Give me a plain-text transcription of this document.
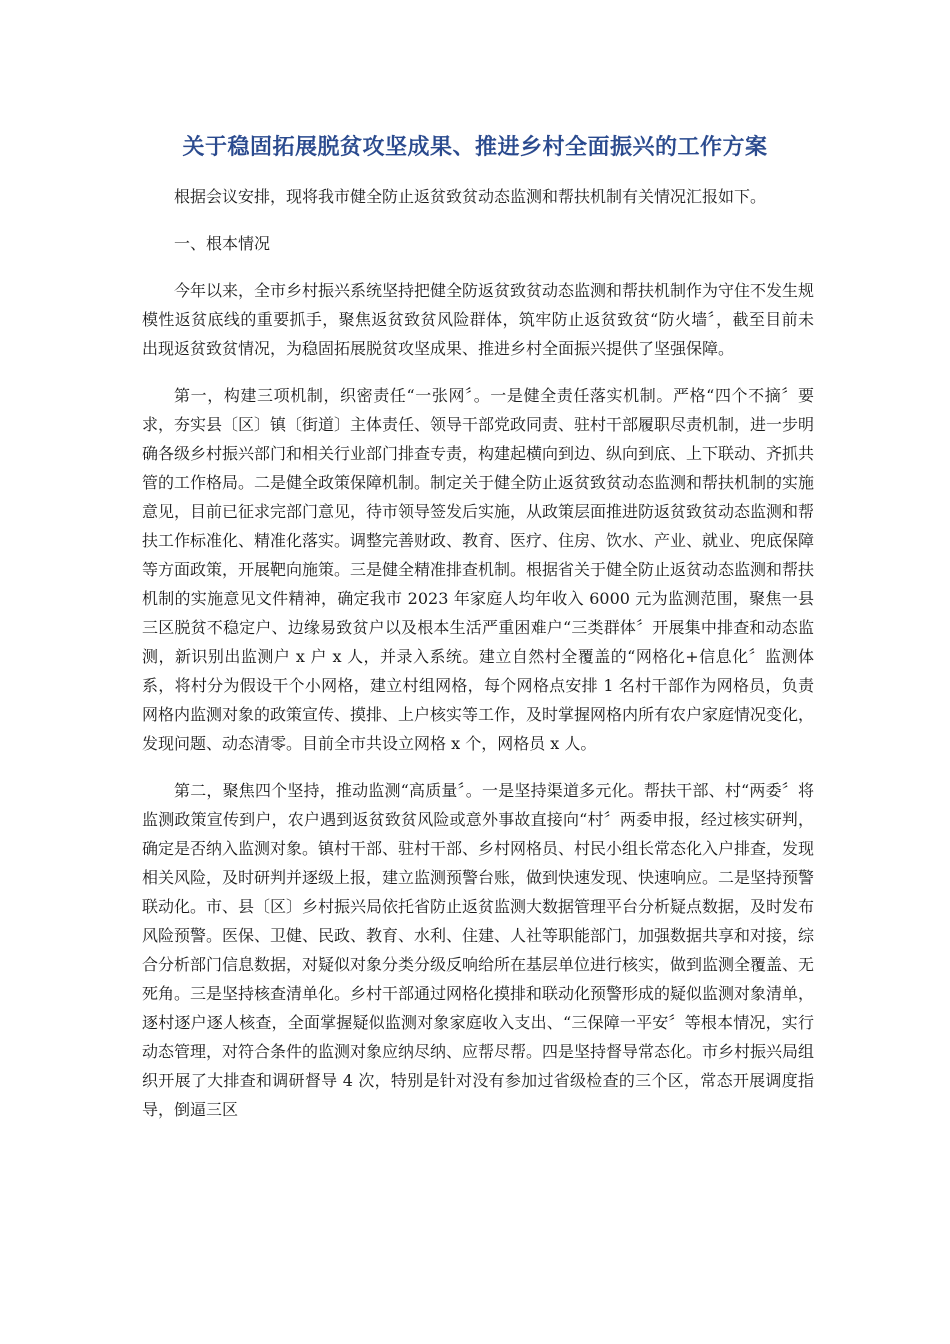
关于稳固拓展脱贫攻坚成果、推进乡村全面振兴的工作方案

根据会议安排，现将我市健全防止返贫致贫动态监测和帮扶机制有关情况汇报如下。

一、根本情况

今年以来，全市乡村振兴系统坚持把健全防返贫致贫动态监测和帮扶机制作为守住不发生规模性返贫底线的重要抓手，聚焦返贫致贫风险群体，筑牢防止返贫致贫“防火墙〞，截至目前未出现返贫致贫情况，为稳固拓展脱贫攻坚成果、推进乡村全面振兴提供了坚强保障。

第一，构建三项机制，织密责任“一张网〞。一是健全责任落实机制。严格“四个不摘〞要求，夯实县〔区〕镇〔街道〕主体责任、领导干部党政同责、驻村干部履职尽责机制，进一步明确各级乡村振兴部门和相关行业部门排查专责，构建起横向到边、纵向到底、上下联动、齐抓共管的工作格局。二是健全政策保障机制。制定关于健全防止返贫致贫动态监测和帮扶机制的实施意见，目前已征求完部门意见，待市领导签发后实施，从政策层面推进防返贫致贫动态监测和帮扶工作标准化、精准化落实。调整完善财政、教育、医疗、住房、饮水、产业、就业、兜底保障等方面政策，开展靶向施策。三是健全精准排查机制。根据省关于健全防止返贫动态监测和帮扶机制的实施意见文件精神，确定我市 2023 年家庭人均年收入 6000 元为监测范围，聚焦一县三区脱贫不稳定户、边缘易致贫户以及根本生活严重困难户“三类群体〞开展集中排查和动态监测，新识别出监测户 x 户 x 人，并录入系统。建立自然村全覆盖的“网格化+信息化〞监测体系，将村分为假设干个小网格，建立村组网格，每个网格点安排 1 名村干部作为网格员，负责网格内监测对象的政策宣传、摸排、上户核实等工作，及时掌握网格内所有农户家庭情况变化，发现问题、动态清零。目前全市共设立网格 x 个，网格员 x 人。

第二，聚焦四个坚持，推动监测“高质量〞。一是坚持渠道多元化。帮扶干部、村“两委〞将监测政策宣传到户，农户遇到返贫致贫风险或意外事故直接向“村〞两委申报，经过核实研判，确定是否纳入监测对象。镇村干部、驻村干部、乡村网格员、村民小组长常态化入户排查，发现相关风险，及时研判并逐级上报，建立监测预警台账，做到快速发现、快速响应。二是坚持预警联动化。市、县〔区〕乡村振兴局依托省防止返贫监测大数据管理平台分析疑点数据，及时发布风险预警。医保、卫健、民政、教育、水利、住建、人社等职能部门，加强数据共享和对接，综合分析部门信息数据，对疑似对象分类分级反响给所在基层单位进行核实，做到监测全覆盖、无死角。三是坚持核查清单化。乡村干部通过网格化摸排和联动化预警形成的疑似监测对象清单，逐村逐户逐人核查，全面掌握疑似监测对象家庭收入支出、“三保障一平安〞等根本情况，实行动态管理，对符合条件的监测对象应纳尽纳、应帮尽帮。四是坚持督导常态化。市乡村振兴局组织开展了大排查和调研督导 4 次，特别是针对没有参加过省级检查的三个区，常态开展调度指导，倒逼三区
